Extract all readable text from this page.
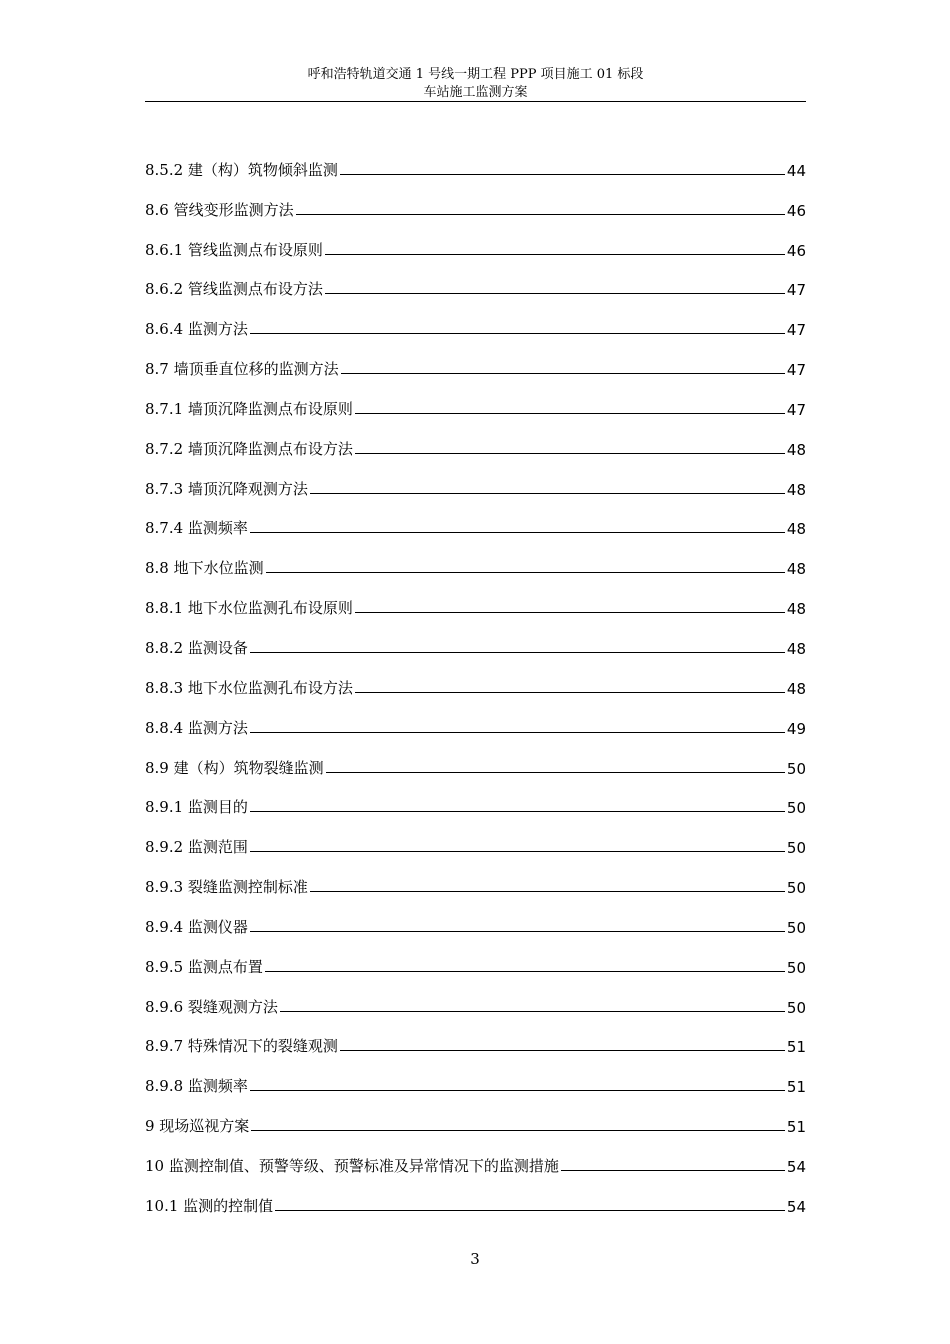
呼和浩特轨道交通 1 号线一期工程 PPP 项目施工 01 标段
车站施工监测方案
8.5.2 建（构）筑物倾斜监测	44
8.6 管线变形监测方法	46
8.6.1 管线监测点布设原则	46
8.6.2 管线监测点布设方法	47
8.6.4 监测方法	47
8.7 墙顶垂直位移的监测方法	47
8.7.1 墙顶沉降监测点布设原则	47
8.7.2 墙顶沉降监测点布设方法	48
8.7.3 墙顶沉降观测方法	48
8.7.4 监测频率	48
8.8 地下水位监测	48
8.8.1 地下水位监测孔布设原则	48
8.8.2 监测设备	48
8.8.3 地下水位监测孔布设方法	48
8.8.4 监测方法	49
8.9 建（构）筑物裂缝监测	50
8.9.1 监测目的	50
8.9.2 监测范围	50
8.9.3 裂缝监测控制标准	50
8.9.4 监测仪器	50
8.9.5 监测点布置	50
8.9.6 裂缝观测方法	50
8.9.7 特殊情况下的裂缝观测	51
8.9.8 监测频率	51
9 现场巡视方案	51
10 监测控制值、预警等级、预警标准及异常情况下的监测措施	54
10.1 监测的控制值	54
3
